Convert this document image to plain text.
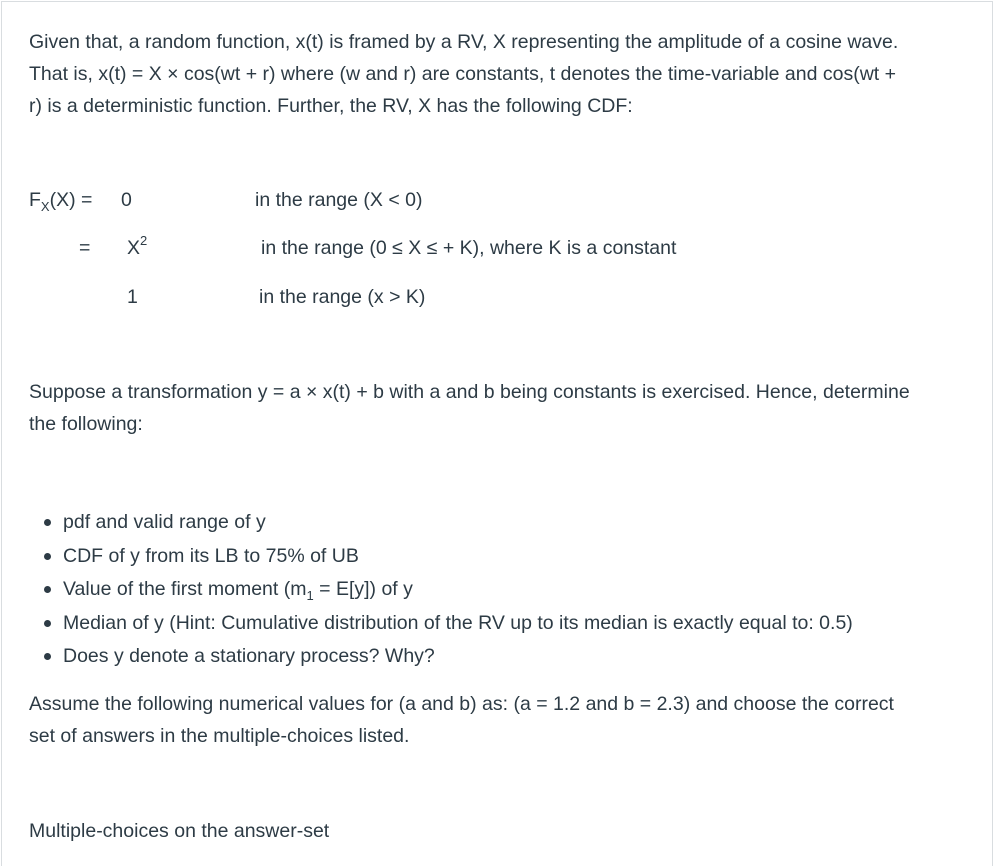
Given that, a random function, x(t) is framed by a RV, X representing the amplitude of a cosine wave.

That is, x(t) = X × cos(wt + r) where (w and r) are constants, t denotes the time-variable and cos(wt +

r) is a deterministic function. Further, the RV, X has the following CDF:

$F_X(X) = 0$	in the range (X < 0)
= $X^2$	in the range (0 ≤ X ≤ + K), where K is a constant
1	in the range (x > K)

Suppose a transformation y = a × x(t) + b with a and b being constants is exercised. Hence, determine

the following:

pdf and valid range of y
CDF of y from its LB to 75% of UB
Value of the first moment $(m_1 = E[y])$ of y
Median of y (Hint: Cumulative distribution of the RV up to its median is exactly equal to: 0.5)
Does y denote a stationary process? Why?

Assume the following numerical values for (a and b) as: (a = 1.2 and b = 2.3) and choose the correct

set of answers in the multiple-choices listed.

Multiple-choices on the answer-set
